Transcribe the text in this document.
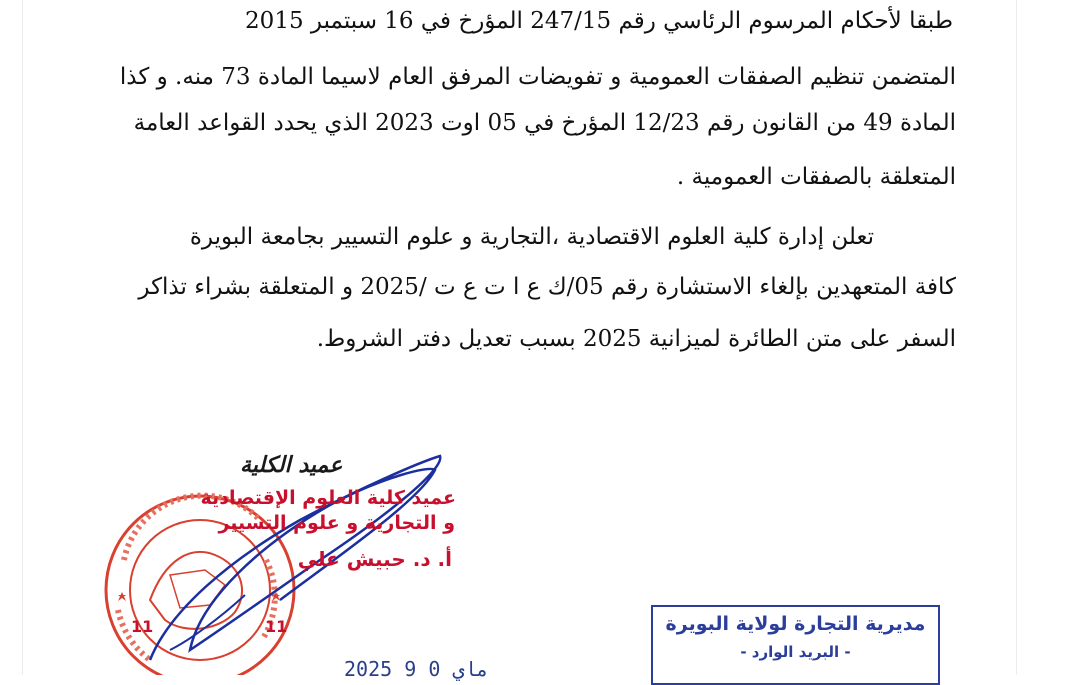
طبقا لأحكام المرسوم الرئاسي رقم 247/15 المؤرخ في 16 سبتمبر 2015
المتضمن تنظيم الصفقات العمومية و تفويضات المرفق العام لاسيما المادة 73 منه. و كذا
المادة 49 من القانون رقم 12/23 المؤرخ في 05 اوت 2023 الذي يحدد القواعد العامة
المتعلقة بالصفقات العمومية .
تعلن إدارة كلية العلوم الاقتصادية ،التجارية و علوم التسيير بجامعة البويرة
كافة المتعهدين بإلغاء الاستشارة رقم 05/ك ع ا ت ع ت /2025 و المتعلقة بشراء تذاكر
السفر على متن الطائرة لميزانية 2025 بسبب تعديل دفتر الشروط.
11	11
عميد الكلية
عميد كلية العلوم الإقتصادية
و التجارية و علوم التسيير
أ. د. حبيش علي
2025 ماي 0 9
مديرية التجارة لولاية البويرة
- البريد الوارد -
